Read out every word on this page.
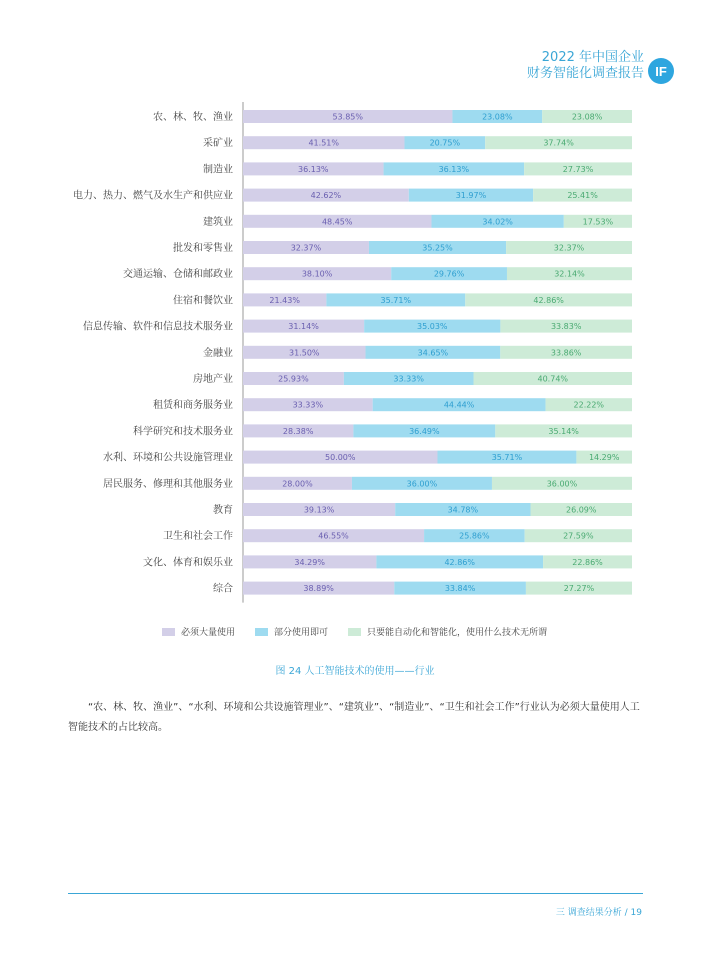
2022 年中国企业
财务智能化调查报告 IF
农、林、牧、渔业	53.85%	23.08%	23.08%
采矿业	41.51%	20.75%	37.74%
制造业	36.13%	36.13%	27.73%
电力、热力、燃气及水生产和供应业	42.62%	31.97%	25.41%
建筑业	48.45%	34.02%	17.53%
批发和零售业	32.37%	35.25%	32.37%
交通运输、仓储和邮政业	38.10%	29.76%	32.14%
住宿和餐饮业	21.43%	35.71%	42.86%
信息传输、软件和信息技术服务业	31.14%	35.03%	33.83%
金融业	31.50%	34.65%	33.86%
房地产业	25.93%	33.33%	40.74%
租赁和商务服务业	33.33%	44.44%	22.22%
科学研究和技术服务业	28.38%	36.49%	35.14%
水利、环境和公共设施管理业	50.00%	35.71%	14.29%
居民服务、修理和其他服务业	28.00%	36.00%	36.00%
教育	39.13%	34.78%	26.09%
卫生和社会工作	46.55%	25.86%	27.59%
文化、体育和娱乐业	34.29%	42.86%	22.86%
综合	38.89%	33.84%	27.27%
必须大量使用	部分使用即可	只要能自动化和智能化，使用什么技术无所谓
图 24 人工智能技术的使用——行业
“农、林、牧、渔业”、“水利、环境和公共设施管理业”、“建筑业”、“制造业”、“卫生和社会工作”行业认为必须大量使用人工智能技术的占比较高。
三 调查结果分析 / 19
